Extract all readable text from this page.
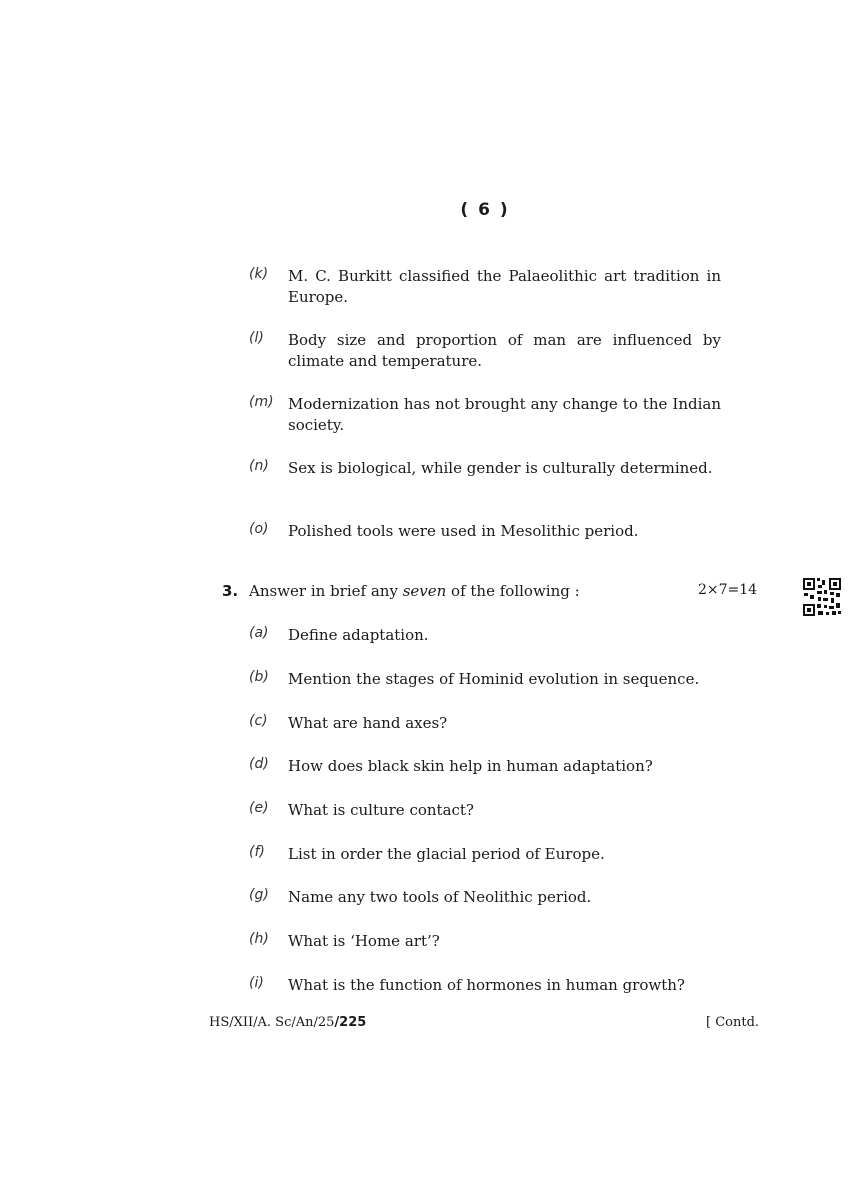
( 6 )
(k) M. C. Burkitt classified the Palaeolithic art tradition in Europe.
(l) Body size and proportion of man are influenced by climate and temperature.
(m) Modernization has not brought any change to the Indian society.
(n) Sex is biological, while gender is culturally determined.
(o) Polished tools were used in Mesolithic period.
3. Answer in brief any seven of the following :	2×7=14
(a) Define adaptation.
(b) Mention the stages of Hominid evolution in sequence.
(c) What are hand axes?
(d) How does black skin help in human adaptation?
(e) What is culture contact?
(f) List in order the glacial period of Europe.
(g) Name any two tools of Neolithic period.
(h) What is ‘Home art’?
(i) What is the function of hormones in human growth?
HS/XII/A. Sc/An/25/225	[ Contd.
